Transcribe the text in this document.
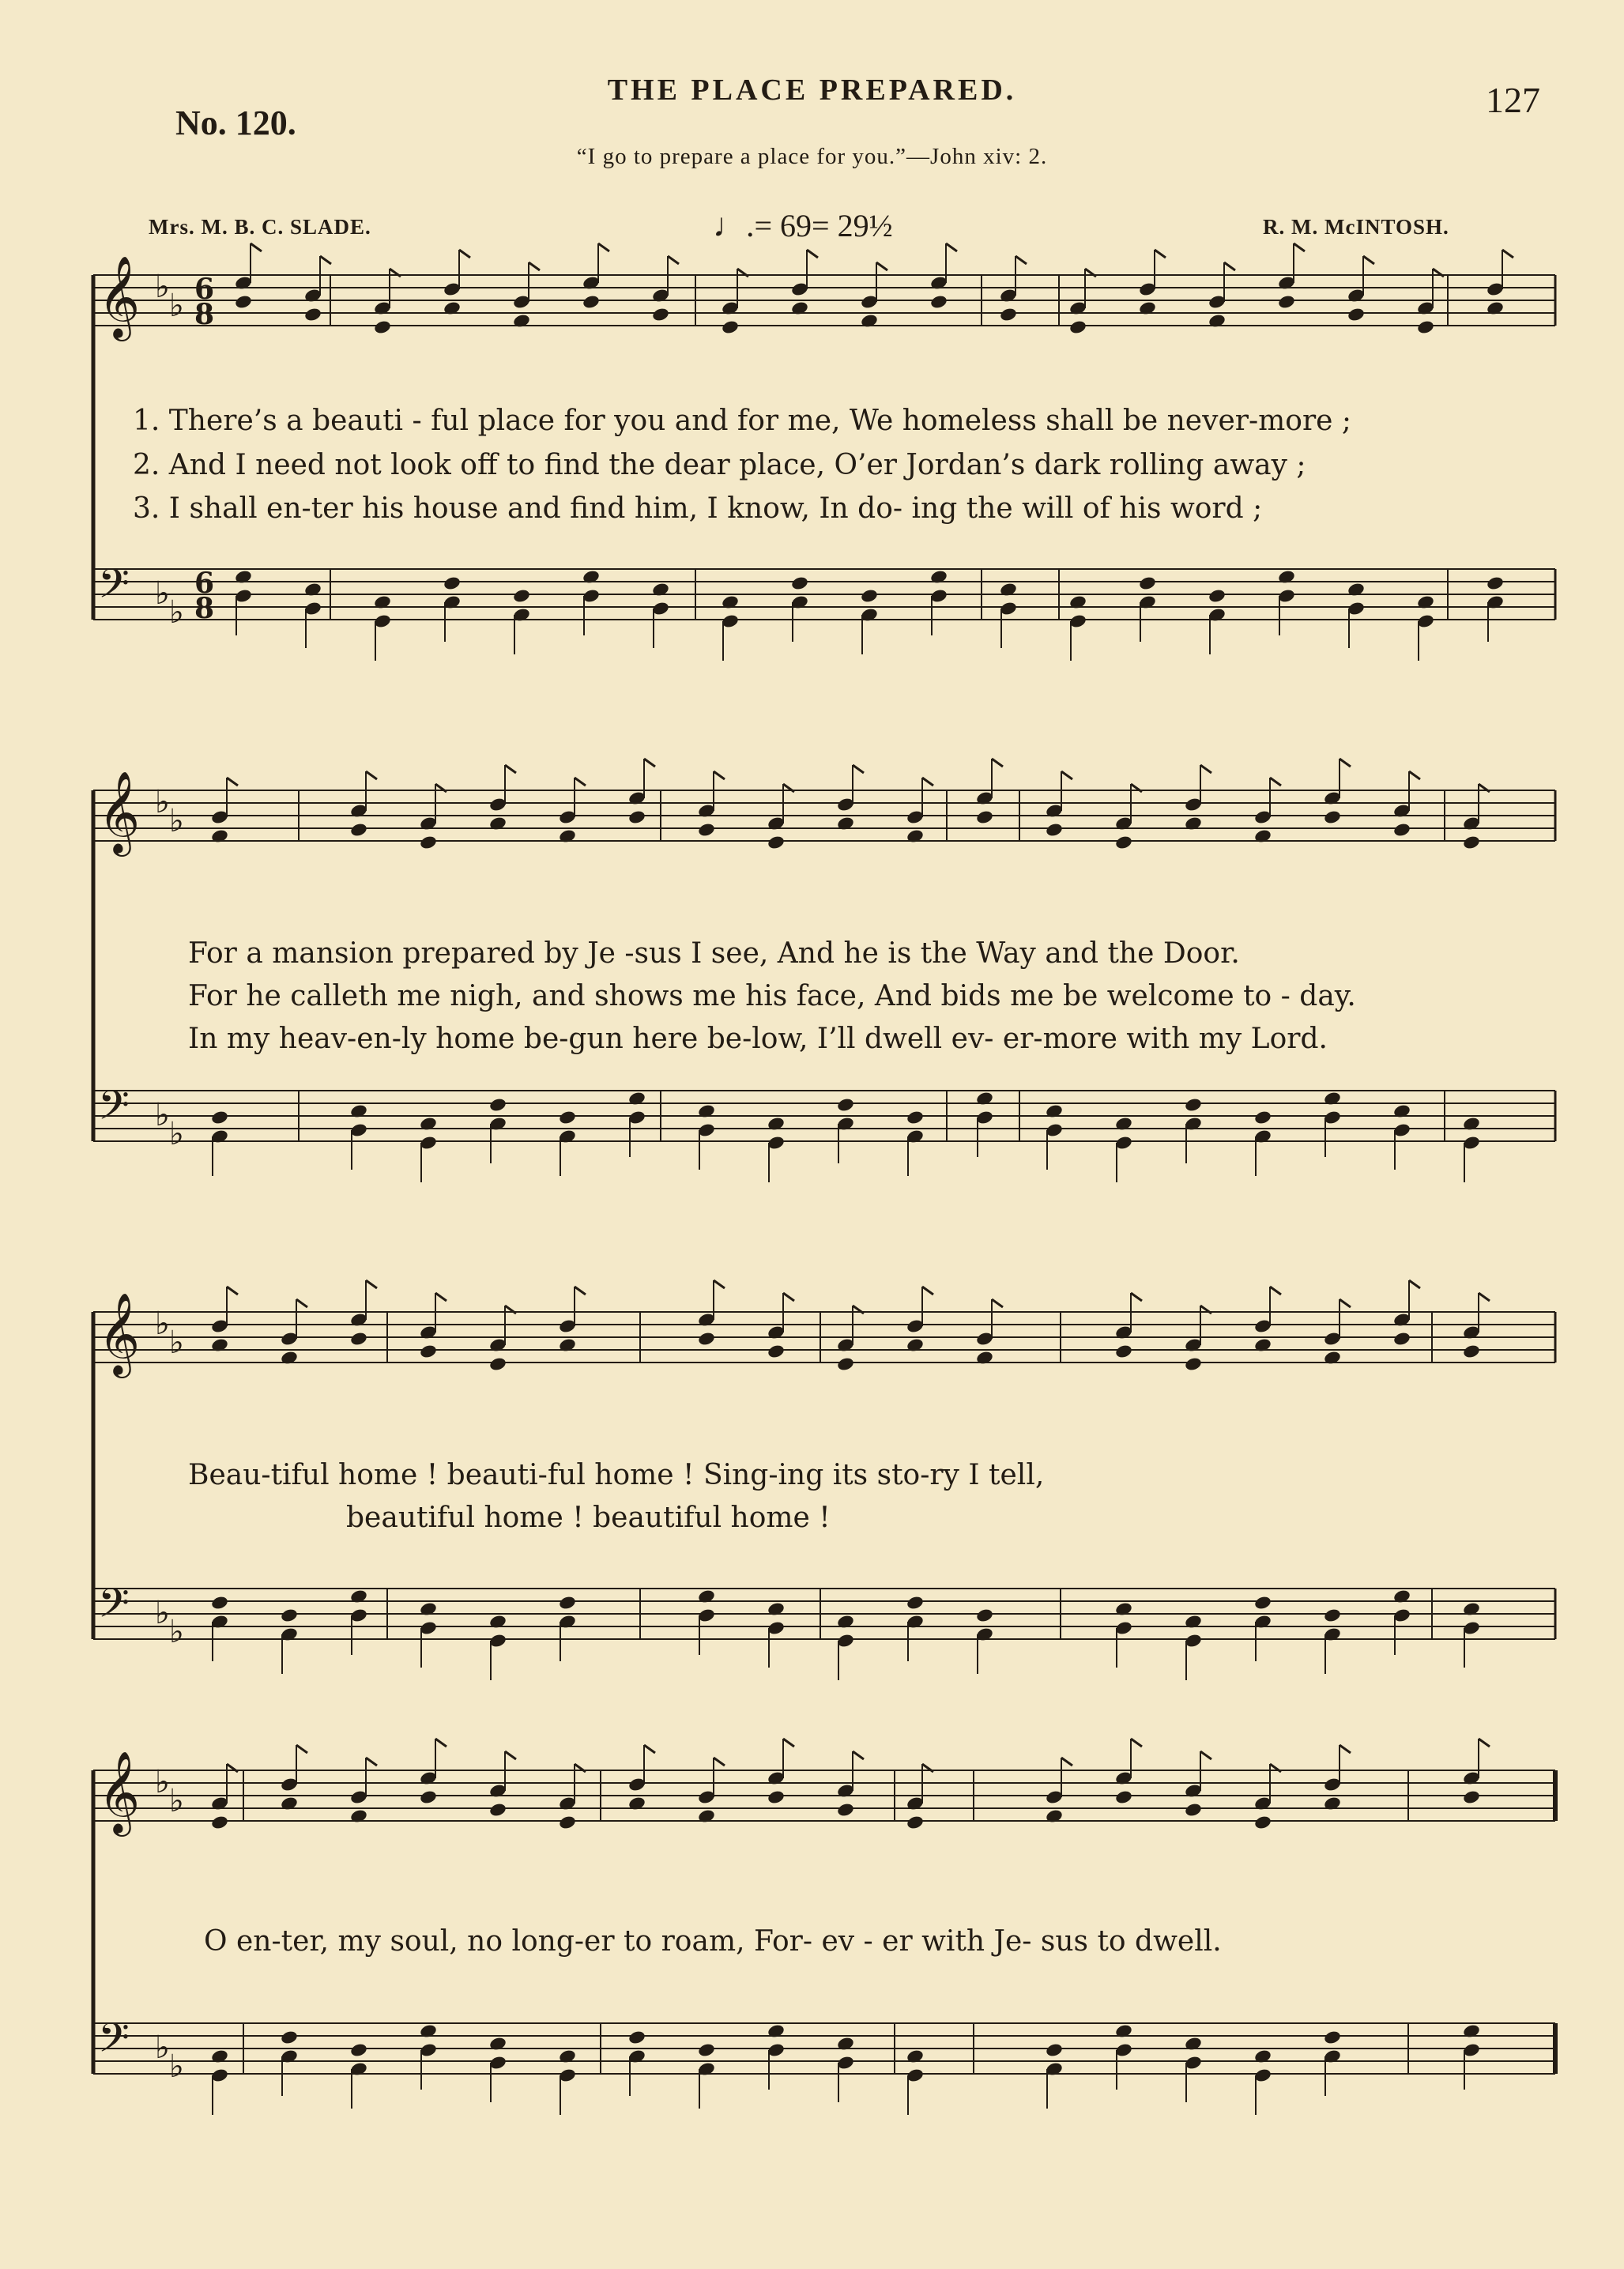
THE PLACE PREPARED.
No. 120.
127
“I go to prepare a place for you.”—John xiv: 2.
Mrs. M. B. C. SLADE.	♩.= 69= 29½	R. M. McINTOSH.
𝄞 ♭
♭ 6
8
𝄢 ♭
♭
6
8
𝄞 ♭
♭
𝄢 ♭
♭
𝄞 ♭
♭
𝄢 ♭
♭
𝄞 ♭
♭
𝄢 ♭
♭
1. There’s a beauti - ful place for you and for me, We homeless shall be never-more ;
2. And I need not look off to find the dear place, O’er Jordan’s dark rolling away ;
3. I shall en-ter his house and find him, I know, In do- ing the will of his word ;
For a mansion prepared by Je -sus I see, And he is the Way and the Door.
For he calleth me nigh, and shows me his face, And bids me be welcome to - day.
In my heav-en-ly home be-gun here be-low, I’ll dwell ev- er-more with my Lord.
Beau-tiful home ! beauti-ful home ! Sing-ing its sto-ry I tell,
beautiful home ! beautiful home !
O en-ter, my soul, no long-er to roam, For- ev - er with Je- sus to dwell.
